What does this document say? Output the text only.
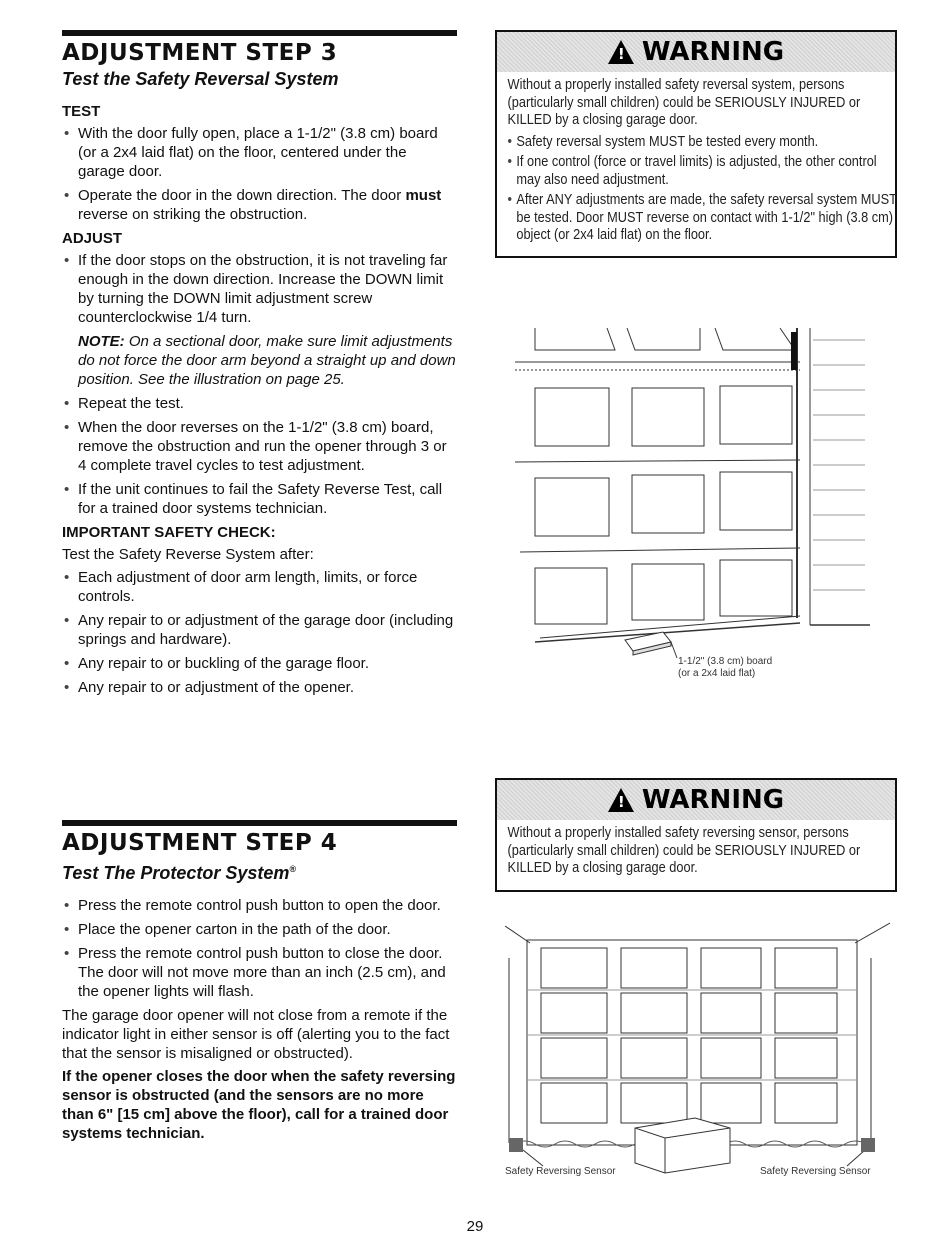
ADJUSTMENT STEP 3
Test the Safety Reversal System
TEST
• With the door fully open, place a 1-1/2" (3.8 cm) board (or a 2x4 laid flat) on the floor, centered under the garage door.
• Operate the door in the down direction. The door must reverse on striking the obstruction.
ADJUST
• If the door stops on the obstruction, it is not traveling far enough in the down direction. Increase the DOWN limit by turning the DOWN limit adjustment screw counterclockwise 1/4 turn.
NOTE: On a sectional door, make sure limit adjustments do not force the door arm beyond a straight up and down position. See the illustration on page 25.
• Repeat the test.
• When the door reverses on the 1-1/2" (3.8 cm) board, remove the obstruction and run the opener through 3 or 4 complete travel cycles to test adjustment.
• If the unit continues to fail the Safety Reverse Test, call for a trained door systems technician.
IMPORTANT SAFETY CHECK:

Test the Safety Reverse System after:

• Each adjustment of door arm length, limits, or force controls.
• Any repair to or adjustment of the garage door (including springs and hardware).
• Any repair to or buckling of the garage floor.
• Any repair to or adjustment of the opener.
ADJUSTMENT STEP 4
Test The Protector System®
• Press the remote control push button to open the door.
• Place the opener carton in the path of the door.
• Press the remote control push button to close the door. The door will not move more than an inch (2.5 cm), and the opener lights will flash.

The garage door opener will not close from a remote if the indicator light in either sensor is off (alerting you to the fact that the sensor is misaligned or obstructed).

If the opener closes the door when the safety reversing sensor is obstructed (and the sensors are no more than 6" [15 cm] above the floor), call for a trained door systems technician.

! WARNING

Without a properly installed safety reversal system, persons (particularly small children) could be SERIOUSLY INJURED or KILLED by a closing garage door.

• Safety reversal system MUST be tested every month.
• If one control (force or travel limits) is adjusted, the other control may also need adjustment.
• After ANY adjustments are made, the safety reversal system MUST be tested. Door MUST reverse on contact with 1-1/2" high (3.8 cm) object (or 2x4 laid flat) on the floor.
1-1/2" (3.8 cm) board
(or a 2x4 laid flat)
! WARNING

Without a properly installed safety reversing sensor, persons (particularly small children) could be SERIOUSLY INJURED or KILLED by a closing garage door.

Safety Reversing Sensor	Safety Reversing Sensor
29
